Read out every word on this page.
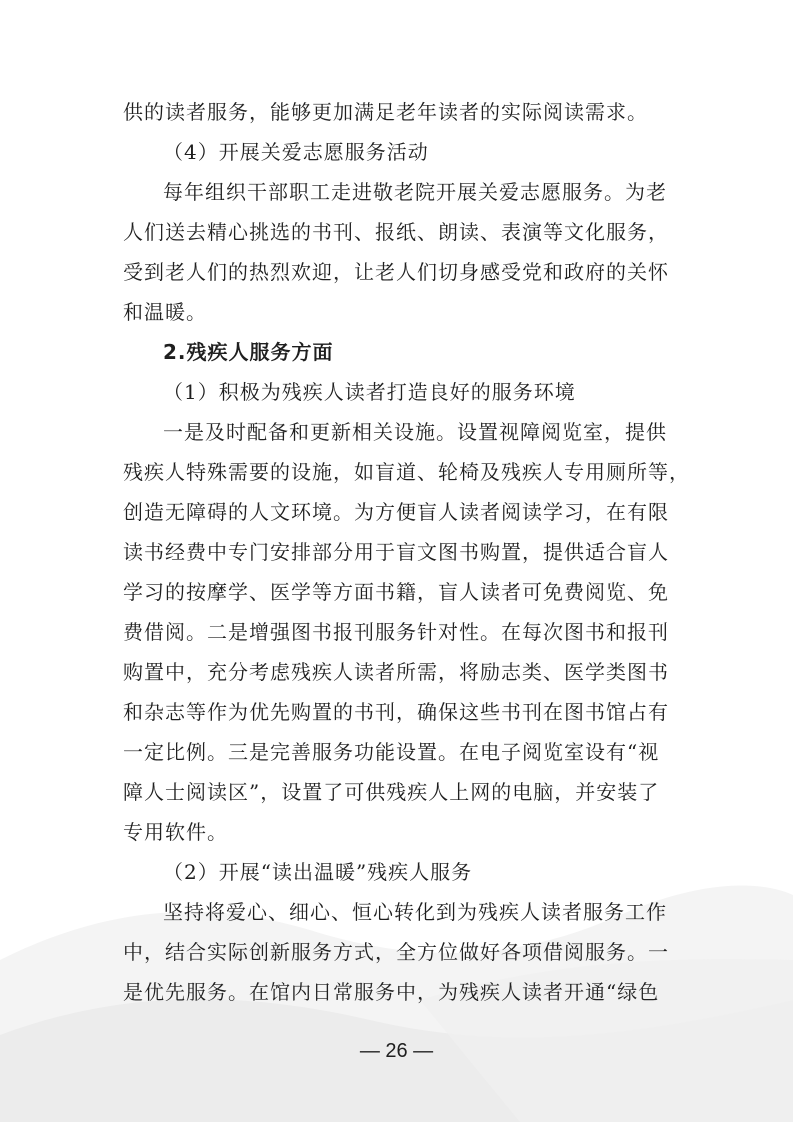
供的读者服务，能够更加满足老年读者的实际阅读需求。
（4）开展关爱志愿服务活动
每年组织干部职工走进敬老院开展关爱志愿服务。为老
人们送去精心挑选的书刊、报纸、朗读、表演等文化服务，
受到老人们的热烈欢迎，让老人们切身感受党和政府的关怀
和温暖。
2.残疾人服务方面
（1）积极为残疾人读者打造良好的服务环境
一是及时配备和更新相关设施。设置视障阅览室，提供
残疾人特殊需要的设施，如盲道、轮椅及残疾人专用厕所等，
创造无障碍的人文环境。为方便盲人读者阅读学习，在有限
读书经费中专门安排部分用于盲文图书购置，提供适合盲人
学习的按摩学、医学等方面书籍，盲人读者可免费阅览、免
费借阅。二是增强图书报刊服务针对性。在每次图书和报刊
购置中，充分考虑残疾人读者所需，将励志类、医学类图书
和杂志等作为优先购置的书刊，确保这些书刊在图书馆占有
一定比例。三是完善服务功能设置。在电子阅览室设有“视
障人士阅读区”，设置了可供残疾人上网的电脑，并安装了
专用软件。
（2）开展“读出温暖”残疾人服务
坚持将爱心、细心、恒心转化到为残疾人读者服务工作
中，结合实际创新服务方式，全方位做好各项借阅服务。一
是优先服务。在馆内日常服务中，为残疾人读者开通“绿色
— 26 —
